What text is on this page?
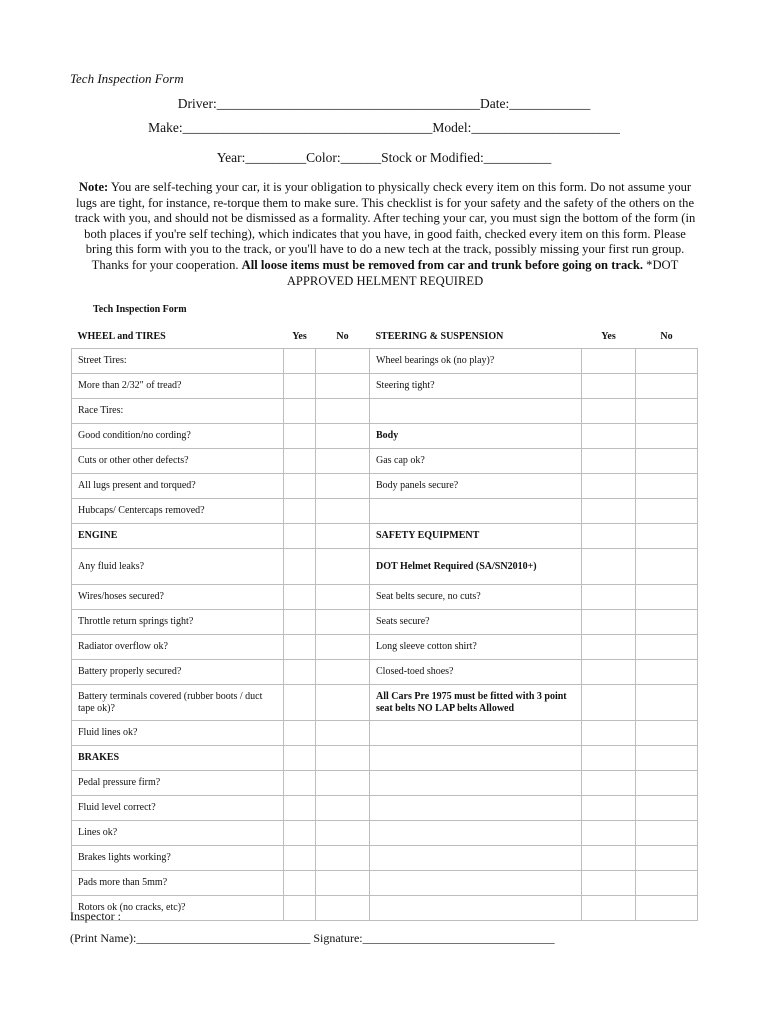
Tech Inspection Form
Driver:_______________________________________Date:____________
Make:_____________________________________Model:______________________
Year:_________Color:______Stock or Modified:__________
Note: You are self-teching your car, it is your obligation to physically check every item on this form. Do not assume your lugs are tight, for instance, re-torque them to make sure. This checklist is for your safety and the safety of the others on the track with you, and should not be dismissed as a formality. After teching your car, you must sign the bottom of the form (in both places if you're self teching), which indicates that you have, in good faith, checked every item on this form. Please bring this form with you to the track, or you'll have to do a new tech at the track, possibly missing your first run group. Thanks for your cooperation. All loose items must be removed from car and trunk before going on track. *DOT APPROVED HELMENT REQUIRED
Tech Inspection Form
WHEEL and TIRES	Yes	No	STEERING & SUSPENSION	Yes	No
Street Tires:			Wheel bearings ok (no play)?		
More than 2/32" of tread?			Steering tight?		
Race Tires:					
Good condition/no cording?			Body		
Cuts or other other defects?			Gas cap ok?		
All lugs present and torqued?			Body panels secure?		
Hubcaps/ Centercaps removed?					
ENGINE			SAFETY EQUIPMENT		
Any fluid leaks?			DOT Helmet Required (SA/SN2010+)		
Wires/hoses secured?			Seat belts secure, no cuts?		
Throttle return springs tight?			Seats secure?		
Radiator overflow ok?			Long sleeve cotton shirt?		
Battery properly secured?			Closed-toed shoes?		
Battery terminals covered (rubber boots / duct tape ok)?			All Cars Pre 1975 must be fitted with 3 point seat belts NO LAP belts Allowed		
Fluid lines ok?					
BRAKES					
Pedal pressure firm?					
Fluid level correct?					
Lines ok?					
Brakes lights working?					
Pads more than 5mm?					
Rotors ok (no cracks, etc)?					
Inspector :
(Print Name):_____________________________ Signature:________________________________
